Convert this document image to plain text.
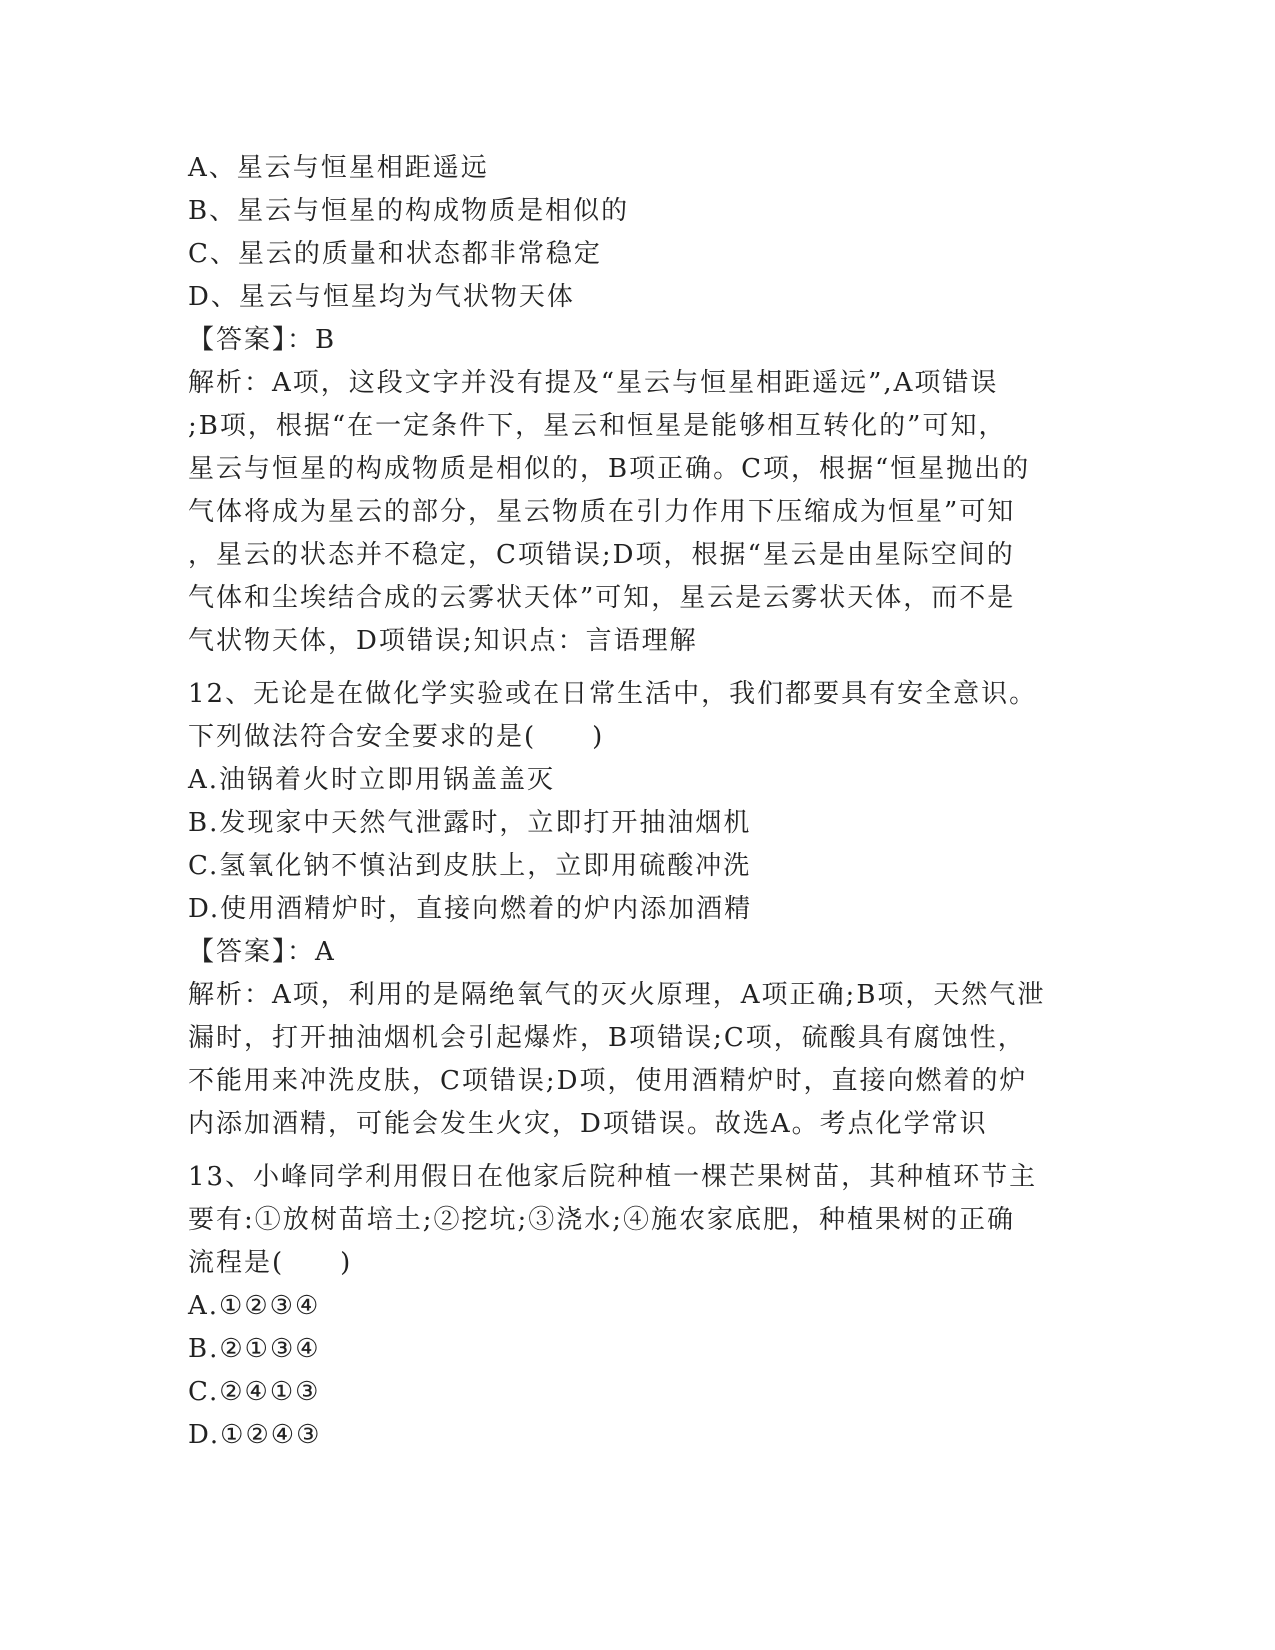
A、星云与恒星相距遥远
B、星云与恒星的构成物质是相似的
C、星云的质量和状态都非常稳定
D、星云与恒星均为气状物天体
【答案】：B
解析：A项，这段文字并没有提及“星云与恒星相距遥远”,A项错误
;B项，根据“在一定条件下，星云和恒星是能够相互转化的”可知，
星云与恒星的构成物质是相似的，B项正确。C项，根据“恒星抛出的
气体将成为星云的部分，星云物质在引力作用下压缩成为恒星”可知
，星云的状态并不稳定，C项错误;D项，根据“星云是由星际空间的
气体和尘埃结合成的云雾状天体”可知，星云是云雾状天体，而不是
气状物天体，D项错误;知识点：言语理解
12、无论是在做化学实验或在日常生活中，我们都要具有安全意识。
下列做法符合安全要求的是(　　)
A.油锅着火时立即用锅盖盖灭
B.发现家中天然气泄露时，立即打开抽油烟机
C.氢氧化钠不慎沾到皮肤上，立即用硫酸冲洗
D.使用酒精炉时，直接向燃着的炉内添加酒精
【答案】：A
解析：A项，利用的是隔绝氧气的灭火原理，A项正确;B项，天然气泄
漏时，打开抽油烟机会引起爆炸，B项错误;C项，硫酸具有腐蚀性，
不能用来冲洗皮肤，C项错误;D项，使用酒精炉时，直接向燃着的炉
内添加酒精，可能会发生火灾，D项错误。故选A。考点化学常识
13、小峰同学利用假日在他家后院种植一棵芒果树苗，其种植环节主
要有:①放树苗培土;②挖坑;③浇水;④施农家底肥，种植果树的正确
流程是(　　)
A.①②③④
B.②①③④
C.②④①③
D.①②④③
